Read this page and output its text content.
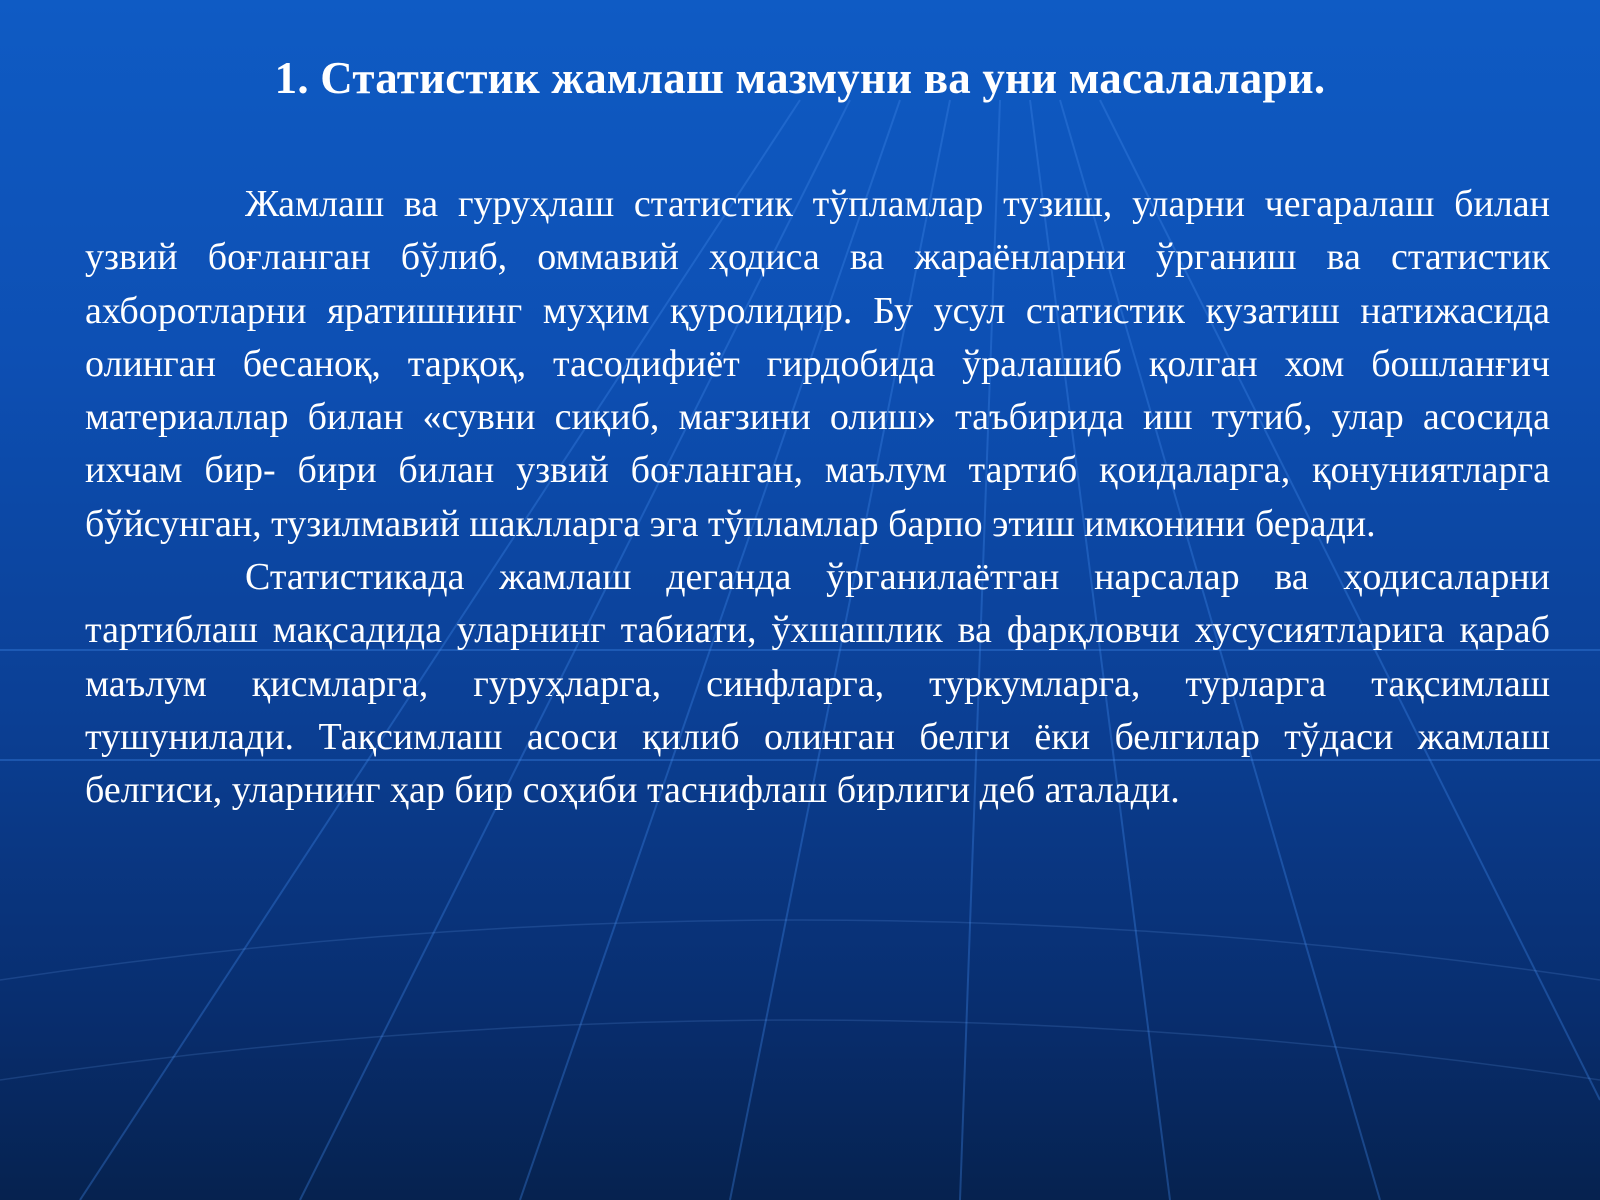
1. Статистик жамлаш мазмуни ва уни масалалари.

Жамлаш ва гуруҳлаш статистик тўпламлар тузиш, уларни чегаралаш билан узвий боғланган бўлиб, оммавий ҳодиса ва жараёнларни ўрганиш ва статистик ахборотларни яратишнинг муҳим қуролидир. Бу усул статистик кузатиш натижасида олинган бесаноқ, тарқоқ, тасодифиёт гирдобида ўралашиб қолган хом бошланғич материаллар билан «сувни сиқиб, мағзини олиш» таъбирида иш тутиб, улар асосида ихчам бир- бири билан узвий боғланган, маълум тартиб қоидаларга, қонуниятларга бўйсунган, тузилмавий шаклларга эга тўпламлар барпо этиш имконини беради.

Статистикада жамлаш деганда ўрганилаётган нарсалар ва ҳодисаларни тартиблаш мақсадида уларнинг табиати, ўхшашлик ва фарқловчи хусусиятларига қараб маълум қисмларга, гуруҳларга, синфларга, туркумларга, турларга тақсимлаш тушунилади. Тақсимлаш асоси қилиб олинган белги ёки белгилар тўдаси жамлаш белгиси, уларнинг ҳар бир соҳиби таснифлаш бирлиги деб аталади.
